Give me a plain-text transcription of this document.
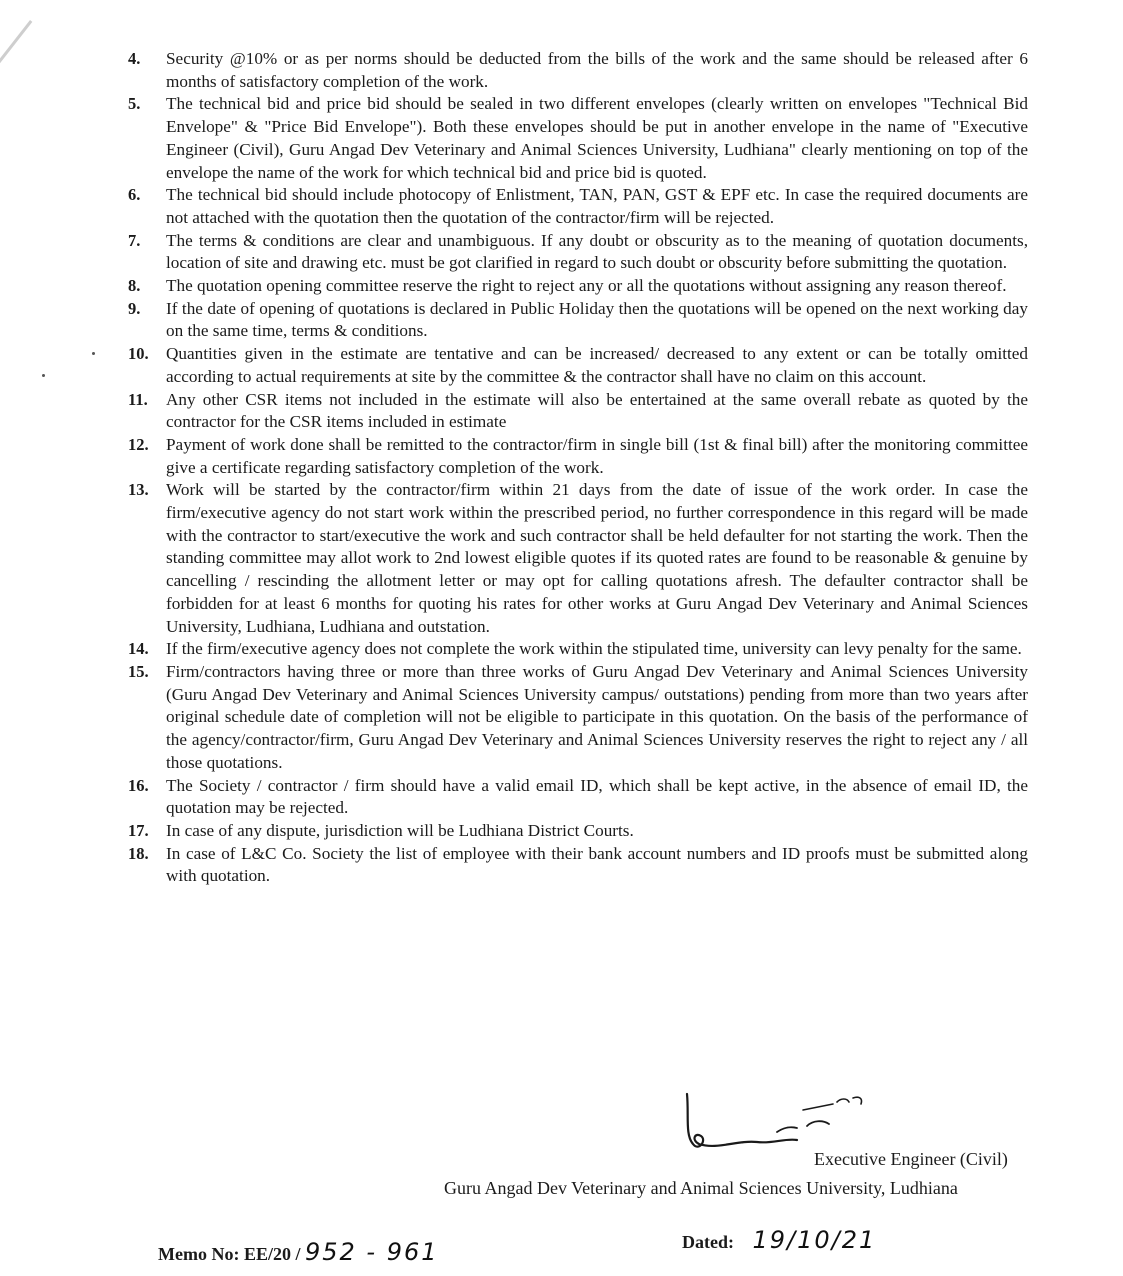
4. Security @10% or as per norms should be deducted from the bills of the work and the same should be released after 6 months of satisfactory completion of the work.
5. The technical bid and price bid should be sealed in two different envelopes (clearly written on envelopes "Technical Bid Envelope" & "Price Bid Envelope"). Both these envelopes should be put in another envelope in the name of "Executive Engineer (Civil), Guru Angad Dev Veterinary and Animal Sciences University, Ludhiana" clearly mentioning on top of the envelope the name of the work for which technical bid and price bid is quoted.
6. The technical bid should include photocopy of Enlistment, TAN, PAN, GST & EPF etc. In case the required documents are not attached with the quotation then the quotation of the contractor/firm will be rejected.
7. The terms & conditions are clear and unambiguous. If any doubt or obscurity as to the meaning of quotation documents, location of site and drawing etc. must be got clarified in regard to such doubt or obscurity before submitting the quotation.
8. The quotation opening committee reserve the right to reject any or all the quotations without assigning any reason thereof.
9. If the date of opening of quotations is declared in Public Holiday then the quotations will be opened on the next working day on the same time, terms & conditions.
10. Quantities given in the estimate are tentative and can be increased/ decreased to any extent or can be totally omitted according to actual requirements at site by the committee & the contractor shall have no claim on this account.
11. Any other CSR items not included in the estimate will also be entertained at the same overall rebate as quoted by the contractor for the CSR items included in estimate
12. Payment of work done shall be remitted to the contractor/firm in single bill (1st & final bill) after the monitoring committee give a certificate regarding satisfactory completion of the work.
13. Work will be started by the contractor/firm within 21 days from the date of issue of the work order. In case the firm/executive agency do not start work within the prescribed period, no further correspondence in this regard will be made with the contractor to start/executive the work and such contractor shall be held defaulter for not starting the work. Then the standing committee may allot work to 2nd lowest eligible quotes if its quoted rates are found to be reasonable & genuine by cancelling / rescinding the allotment letter or may opt for calling quotations afresh. The defaulter contractor shall be forbidden for at least 6 months for quoting his rates for other works at Guru Angad Dev Veterinary and Animal Sciences University, Ludhiana, Ludhiana and outstation.
14. If the firm/executive agency does not complete the work within the stipulated time, university can levy penalty for the same.
15. Firm/contractors having three or more than three works of Guru Angad Dev Veterinary and Animal Sciences University (Guru Angad Dev Veterinary and Animal Sciences University campus/ outstations) pending from more than two years after original schedule date of completion will not be eligible to participate in this quotation. On the basis of the performance of the agency/contractor/firm, Guru Angad Dev Veterinary and Animal Sciences University reserves the right to reject any / all those quotations.
16. The Society / contractor / firm should have a valid email ID, which shall be kept active, in the absence of email ID, the quotation may be rejected.
17. In case of any dispute, jurisdiction will be Ludhiana District Courts.
18. In case of L&C Co. Society the list of employee with their bank account numbers and ID proofs must be submitted along with quotation.
Executive Engineer (Civil)
Guru Angad Dev Veterinary and Animal Sciences University, Ludhiana
Memo No: EE/20 / 952 - 961	Dated: 19/10/21
